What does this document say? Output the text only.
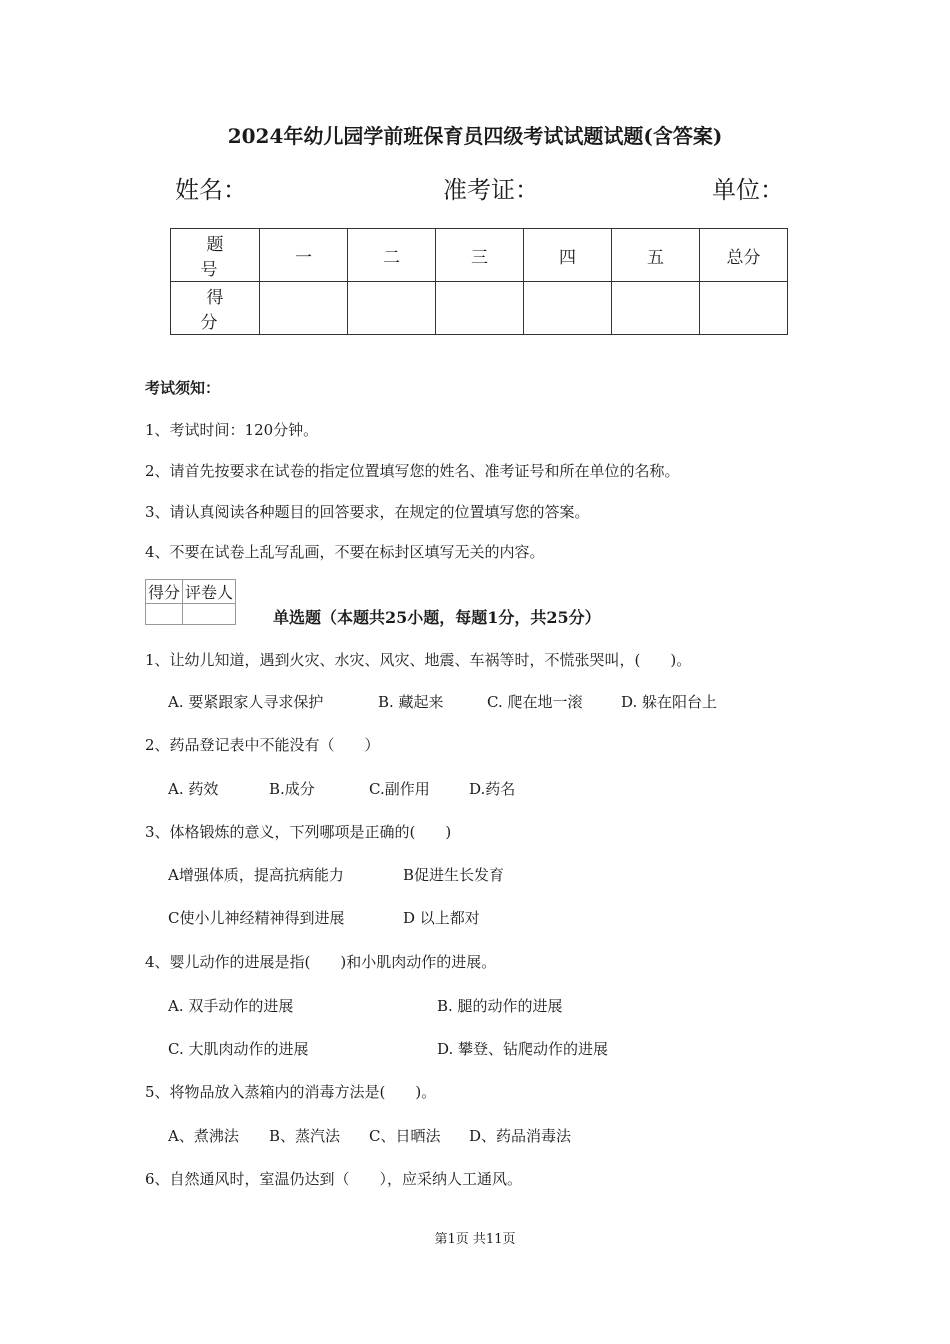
2024年幼儿园学前班保育员四级考试试题试题(含答案)
姓名：	准考证：	单位：
题　号	一	二	三	四	五	总分
得　分						
考试须知：
1、考试时间：120分钟。
2、请首先按要求在试卷的指定位置填写您的姓名、准考证号和所在单位的名称。
3、请认真阅读各种题目的回答要求，在规定的位置填写您的答案。
4、不要在试卷上乱写乱画，不要在标封区填写无关的内容。
得分	评卷人

单选题（本题共25小题，每题1分，共25分）
1、让幼儿知道，遇到火灾、水灾、风灾、地震、车祸等时，不慌张哭叫，(　　)。
A. 要紧跟家人寻求保护	B. 藏起来	C. 爬在地一滚	D. 躲在阳台上
2、药品登记表中不能没有（　　）
A. 药效	B.成分	C.副作用	D.药名
3、体格锻炼的意义，下列哪项是正确的(　　)
A增强体质，提高抗病能力	B促进生长发育
C使小儿神经精神得到进展	D 以上都对
4、婴儿动作的进展是指(　　)和小肌肉动作的进展。
A. 双手动作的进展	B. 腿的动作的进展
C. 大肌肉动作的进展	D. 攀登、钻爬动作的进展
5、将物品放入蒸箱内的消毒方法是(　　)。
A、煮沸法 B、蒸汽法 C、日晒法 D、药品消毒法
6、自然通风时，室温仍达到（　　），应采纳人工通风。
第1页 共11页
